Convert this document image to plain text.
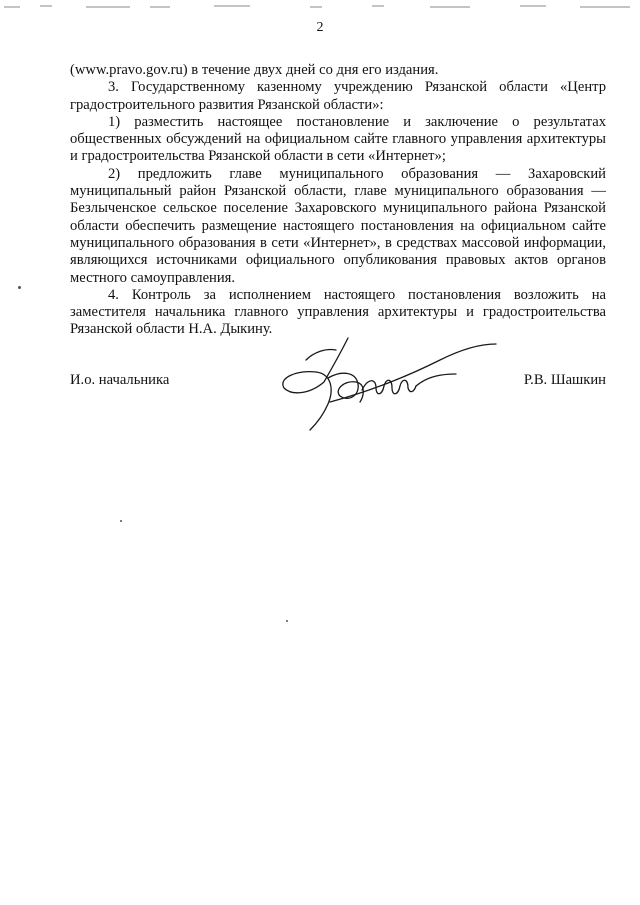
2

(www.pravo.gov.ru) в течение двух дней со дня его издания.

3. Государственному казенному учреждению Рязанской области «Центр градостроительного развития Рязанской области»:

1) разместить настоящее постановление и заключение о результатах общественных обсуждений на официальном сайте главного управления архитектуры и градостроительства Рязанской области в сети «Интернет»;

2) предложить главе муниципального образования — Захаровский муниципальный район Рязанской области, главе муниципального образования — Безлыченское сельское поселение Захаровского муниципального района Рязанской области обеспечить размещение настоящего постановления на официальном сайте муниципального образования в сети «Интернет», в средствах массовой информации, являющихся источниками официального опубликования правовых актов органов местного самоуправления.

4. Контроль за исполнением настоящего постановления возложить на заместителя начальника главного управления архитектуры и градостроительства Рязанской области Н.А. Дыкину.

И.о. начальника	Р.В. Шашкин
